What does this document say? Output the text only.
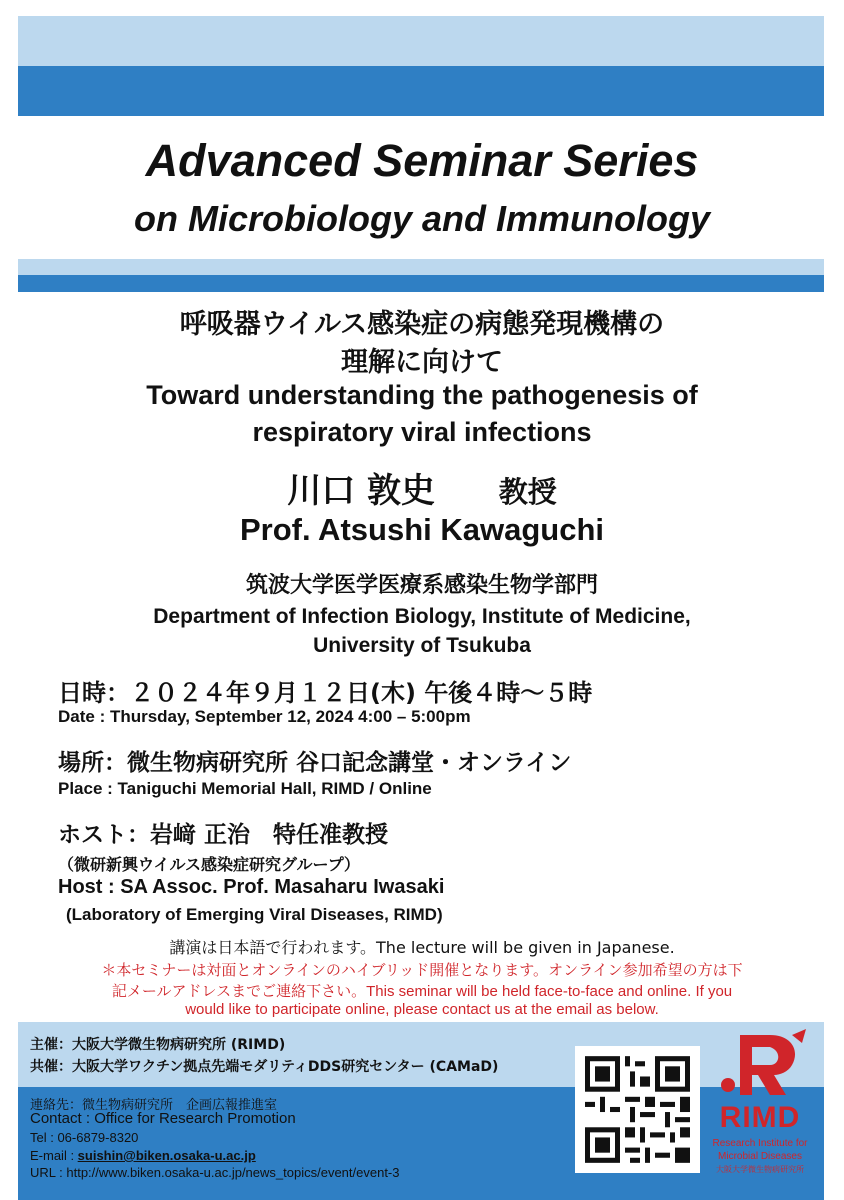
Advanced Seminar Series
on Microbiology and Immunology
呼吸器ウイルス感染症の病態発現機構の
理解に向けて
Toward understanding the pathogenesis of
respiratory viral infections
川口 敦史 教授
Prof. Atsushi Kawaguchi
筑波大学医学医療系感染生物学部門
Department of Infection Biology, Institute of Medicine,
University of Tsukuba
日時：２０２４年９月１２日(木) 午後４時～５時
Date : Thursday, September 12, 2024 4:00 – 5:00pm
場所：微生物病研究所 谷口記念講堂・オンライン
Place : Taniguchi Memorial Hall, RIMD / Online
ホスト：岩﨑 正治　特任准教授
（微研新興ウイルス感染症研究グループ）
Host : SA Assoc. Prof. Masaharu Iwasaki
(Laboratory of Emerging Viral Diseases, RIMD)
講演は日本語で行われます。The lecture will be given in Japanese.
＊本セミナーは対面とオンラインのハイブリッド開催となります。オンライン参加希望の方は下
記メールアドレスまでご連絡下さい。This seminar will be held face-to-face and online. If you
would like to participate online, please contact us at the email as below.
主催：大阪大学微生物病研究所 (RIMD)
共催：大阪大学ワクチン拠点先端モダリティDDS研究センター (CAMaD)
連絡先：微生物病研究所　企画広報推進室
Contact : Office for Research Promotion
Tel : 06-6879-8320
E-mail : suishin@biken.osaka-u.ac.jp
URL : http://www.biken.osaka-u.ac.jp/news_topics/event/event-3
RIMD
Research Institute for
Microbial Diseases
大阪大学微生物病研究所
